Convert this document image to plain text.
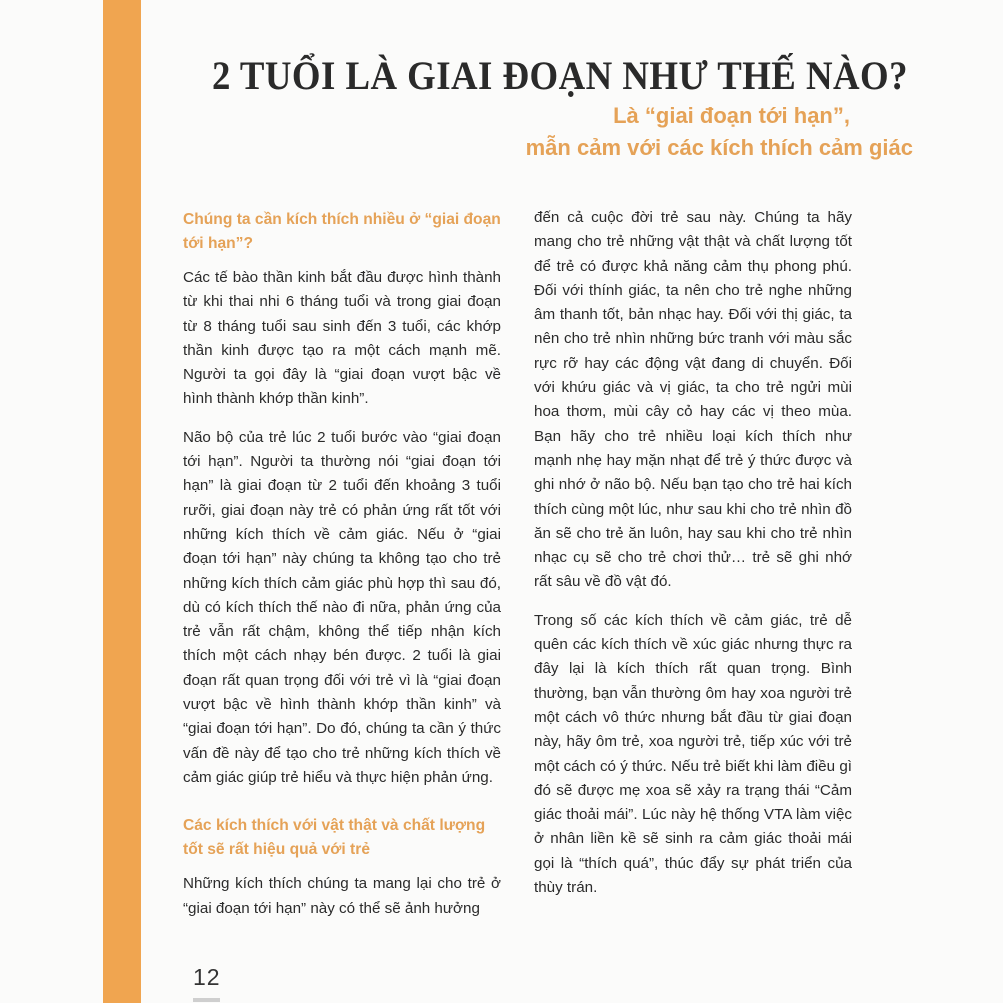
2 TUỔI LÀ GIAI ĐOẠN NHƯ THẾ NÀO?
Là “giai đoạn tới hạn”,
mẫn cảm với các kích thích cảm giác
Chúng ta cần kích thích nhiều ở “giai đoạn tới hạn”?

Các tế bào thần kinh bắt đầu được hình thành từ khi thai nhi 6 tháng tuổi và trong giai đoạn từ 8 tháng tuổi sau sinh đến 3 tuổi, các khớp thần kinh được tạo ra một cách mạnh mẽ. Người ta gọi đây là “giai đoạn vượt bậc về hình thành khớp thần kinh”.

Não bộ của trẻ lúc 2 tuổi bước vào “giai đoạn tới hạn”. Người ta thường nói “giai đoạn tới hạn” là giai đoạn từ 2 tuổi đến khoảng 3 tuổi rưỡi, giai đoạn này trẻ có phản ứng rất tốt với những kích thích về cảm giác. Nếu ở “giai đoạn tới hạn” này chúng ta không tạo cho trẻ những kích thích cảm giác phù hợp thì sau đó, dù có kích thích thế nào đi nữa, phản ứng của trẻ vẫn rất chậm, không thể tiếp nhận kích thích một cách nhạy bén được. 2 tuổi là giai đoạn rất quan trọng đối với trẻ vì là “giai đoạn vượt bậc về hình thành khớp thần kinh” và “giai đoạn tới hạn”. Do đó, chúng ta cần ý thức vấn đề này để tạo cho trẻ những kích thích về cảm giác giúp trẻ hiểu và thực hiện phản ứng.

Các kích thích với vật thật và chất lượng tốt sẽ rất hiệu quả với trẻ

Những kích thích chúng ta mang lại cho trẻ ở “giai đoạn tới hạn” này có thể sẽ ảnh hưởng

đến cả cuộc đời trẻ sau này. Chúng ta hãy mang cho trẻ những vật thật và chất lượng tốt để trẻ có được khả năng cảm thụ phong phú. Đối với thính giác, ta nên cho trẻ nghe những âm thanh tốt, bản nhạc hay. Đối với thị giác, ta nên cho trẻ nhìn những bức tranh với màu sắc rực rỡ hay các động vật đang di chuyển. Đối với khứu giác và vị giác, ta cho trẻ ngửi mùi hoa thơm, mùi cây cỏ hay các vị theo mùa. Bạn hãy cho trẻ nhiều loại kích thích như mạnh nhẹ hay mặn nhạt để trẻ ý thức được và ghi nhớ ở não bộ. Nếu bạn tạo cho trẻ hai kích thích cùng một lúc, như sau khi cho trẻ nhìn đồ ăn sẽ cho trẻ ăn luôn, hay sau khi cho trẻ nhìn nhạc cụ sẽ cho trẻ chơi thử… trẻ sẽ ghi nhớ rất sâu về đồ vật đó.

Trong số các kích thích về cảm giác, trẻ dễ quên các kích thích về xúc giác nhưng thực ra đây lại là kích thích rất quan trọng. Bình thường, bạn vẫn thường ôm hay xoa người trẻ một cách vô thức nhưng bắt đầu từ giai đoạn này, hãy ôm trẻ, xoa người trẻ, tiếp xúc với trẻ một cách có ý thức. Nếu trẻ biết khi làm điều gì đó sẽ được mẹ xoa sẽ xảy ra trạng thái “Cảm giác thoải mái”. Lúc này hệ thống VTA làm việc ở nhân liền kề sẽ sinh ra cảm giác thoải mái gọi là “thích quá”, thúc đẩy sự phát triển của thùy trán.

12
